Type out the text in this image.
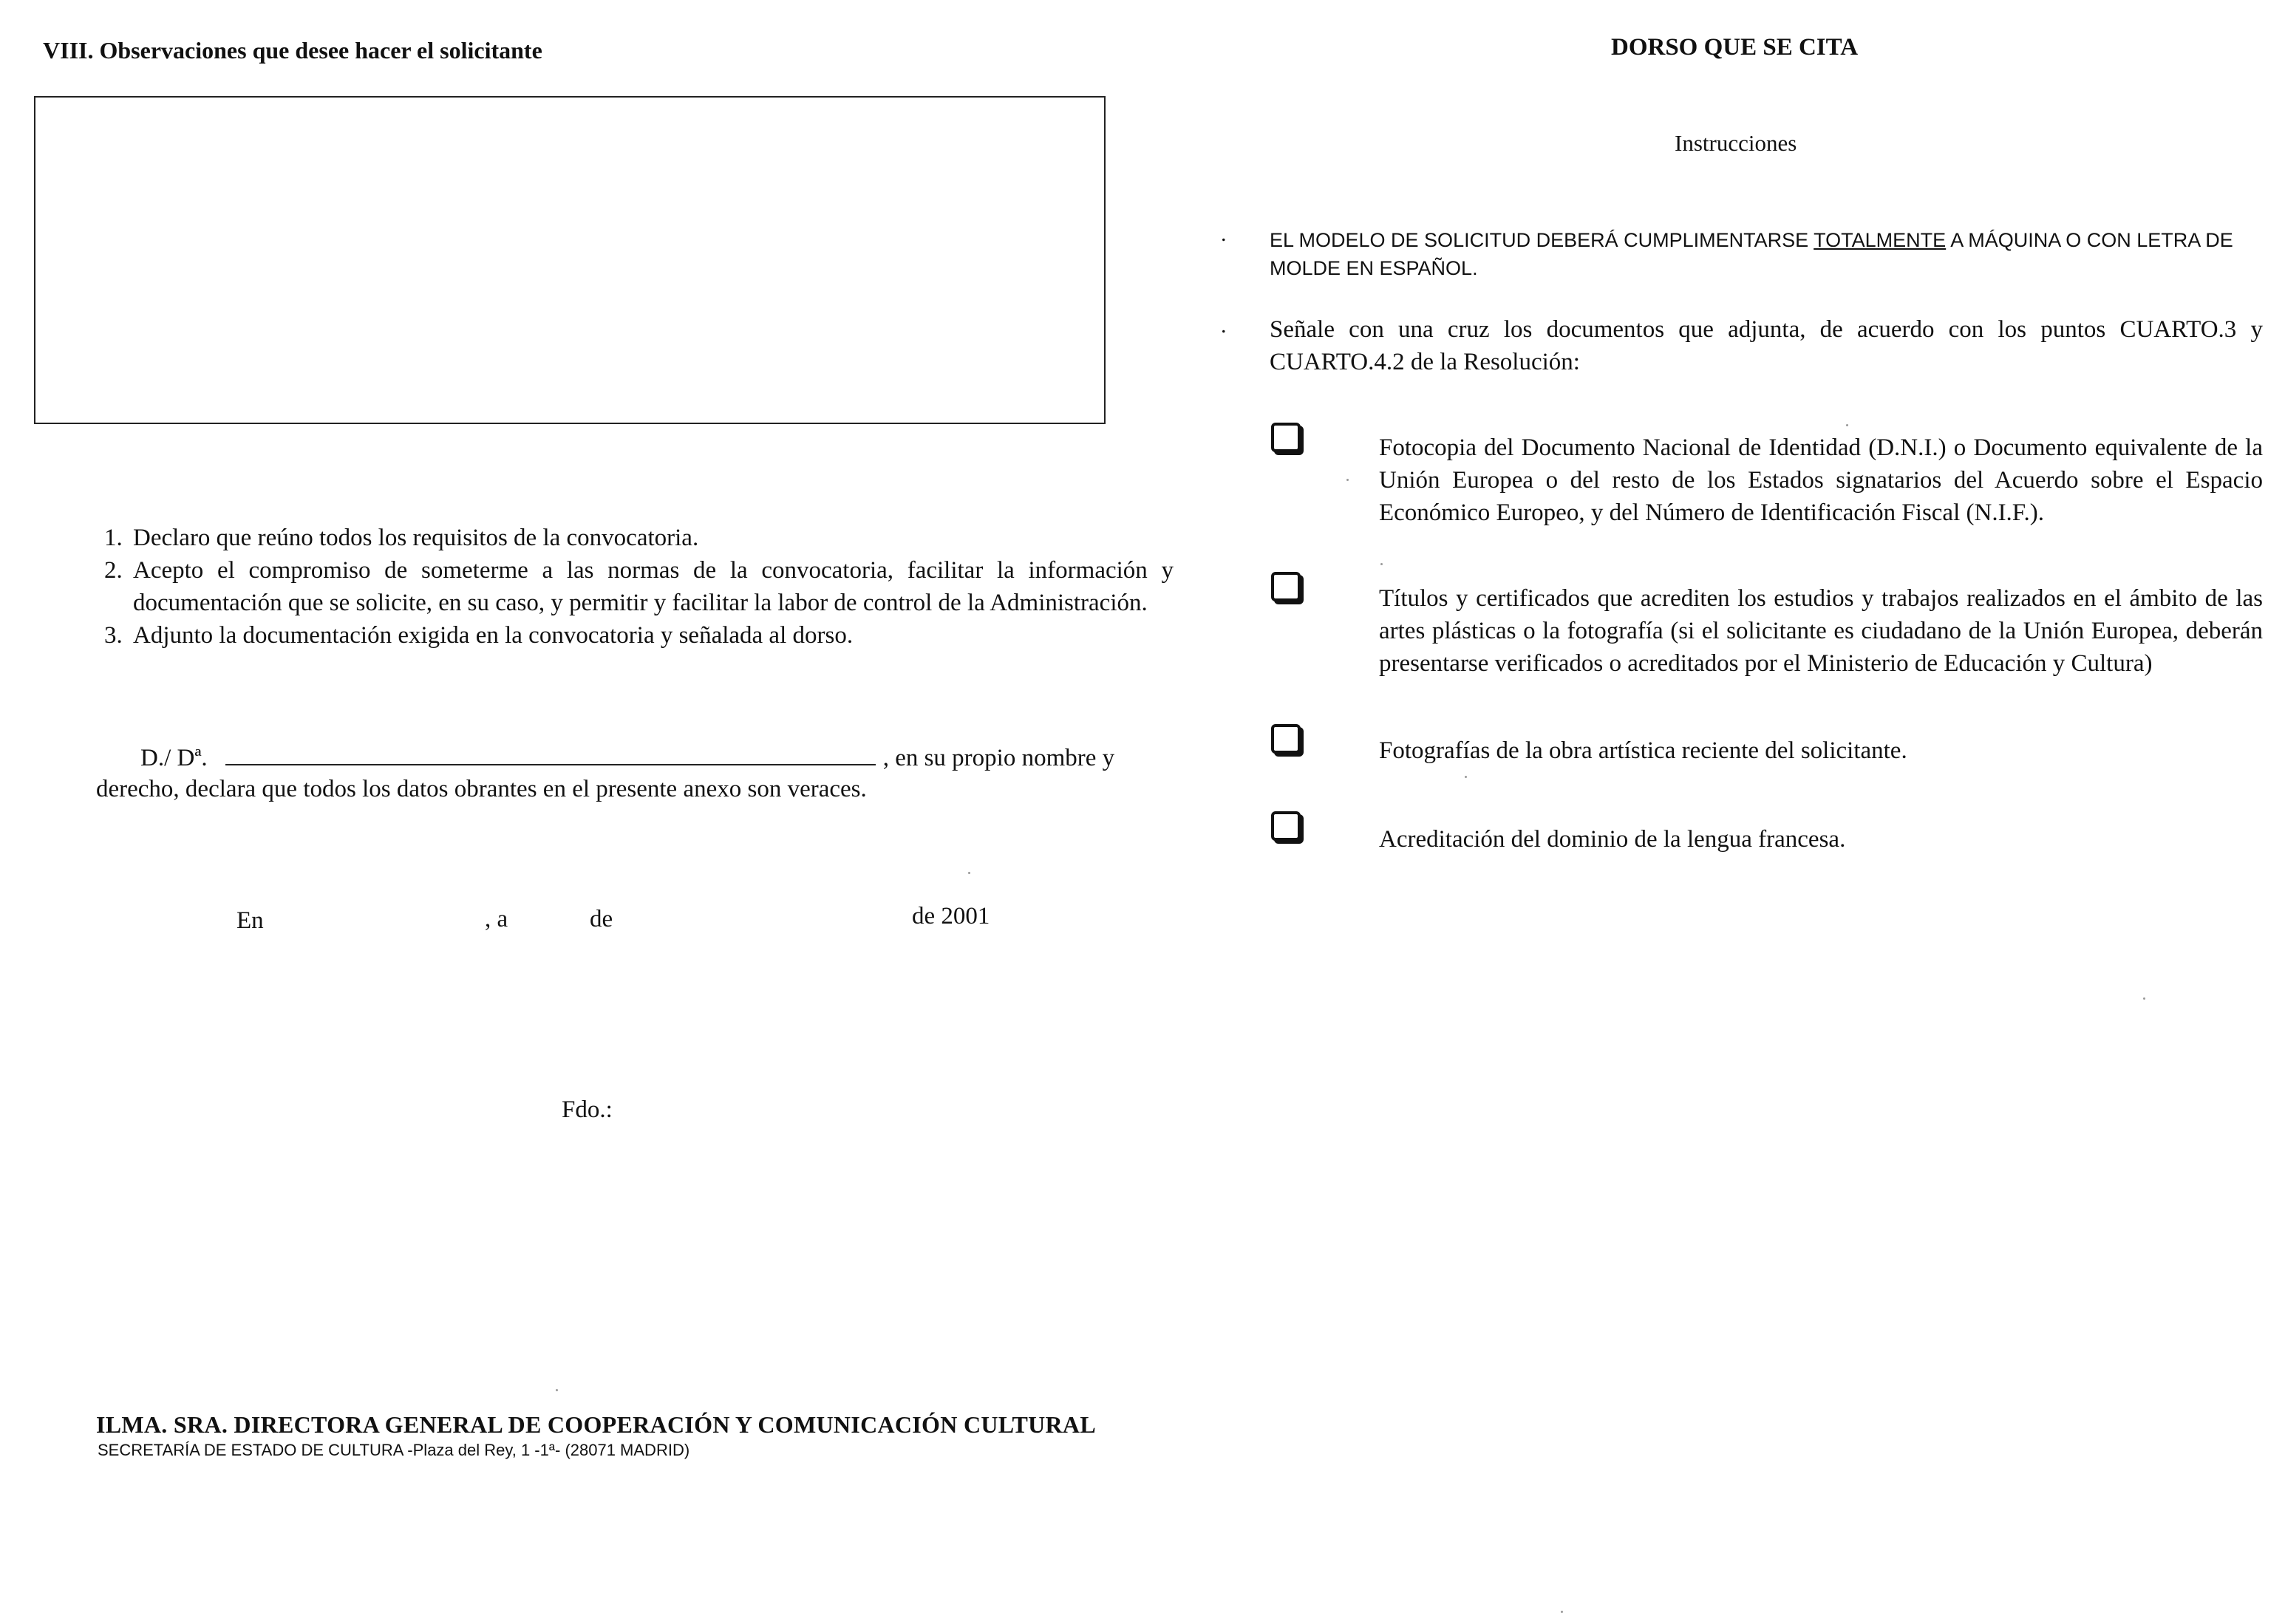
VIII. Observaciones que desee hacer el solicitante
1. Declaro que reúno todos los requisitos de la convocatoria.
2. Acepto el compromiso de someterme a las normas de la convocatoria, facilitar la información y documentación que se solicite, en su caso, y permitir y facilitar la labor de control de la Administración.
3. Adjunto la documentación exigida en la convocatoria y señalada al dorso.
D./ Dª.	, en su propio nombre y
derecho, declara que todos los datos obrantes en el presente anexo son veraces.
En	, a	de	de 2001
Fdo.:
ILMA. SRA. DIRECTORA GENERAL DE COOPERACIÓN Y COMUNICACIÓN CULTURAL
SECRETARÍA DE ESTADO DE CULTURA -Plaza del Rey, 1 -1ª- (28071 MADRID)
DORSO QUE SE CITA
Instrucciones
. EL MODELO DE SOLICITUD DEBERÁ CUMPLIMENTARSE TOTALMENTE A MÁQUINA O CON LETRA DE MOLDE EN ESPAÑOL.
. Señale con una cruz los documentos que adjunta, de acuerdo con los puntos CUARTO.3 y CUARTO.4.2 de la Resolución:
Fotocopia del Documento Nacional de Identidad (D.N.I.) o Documento equivalente de la Unión Europea o del resto de los Estados signatarios del Acuerdo sobre el Espacio Económico Europeo, y del Número de Identificación Fiscal (N.I.F.).
Títulos y certificados que acrediten los estudios y trabajos realizados en el ámbito de las artes plásticas o la fotografía (si el solicitante es ciudadano de la Unión Europea, deberán presentarse verificados o acreditados por el Ministerio de Educación y Cultura)
Fotografías de la obra artística reciente del solicitante.
Acreditación del dominio de la lengua francesa.
